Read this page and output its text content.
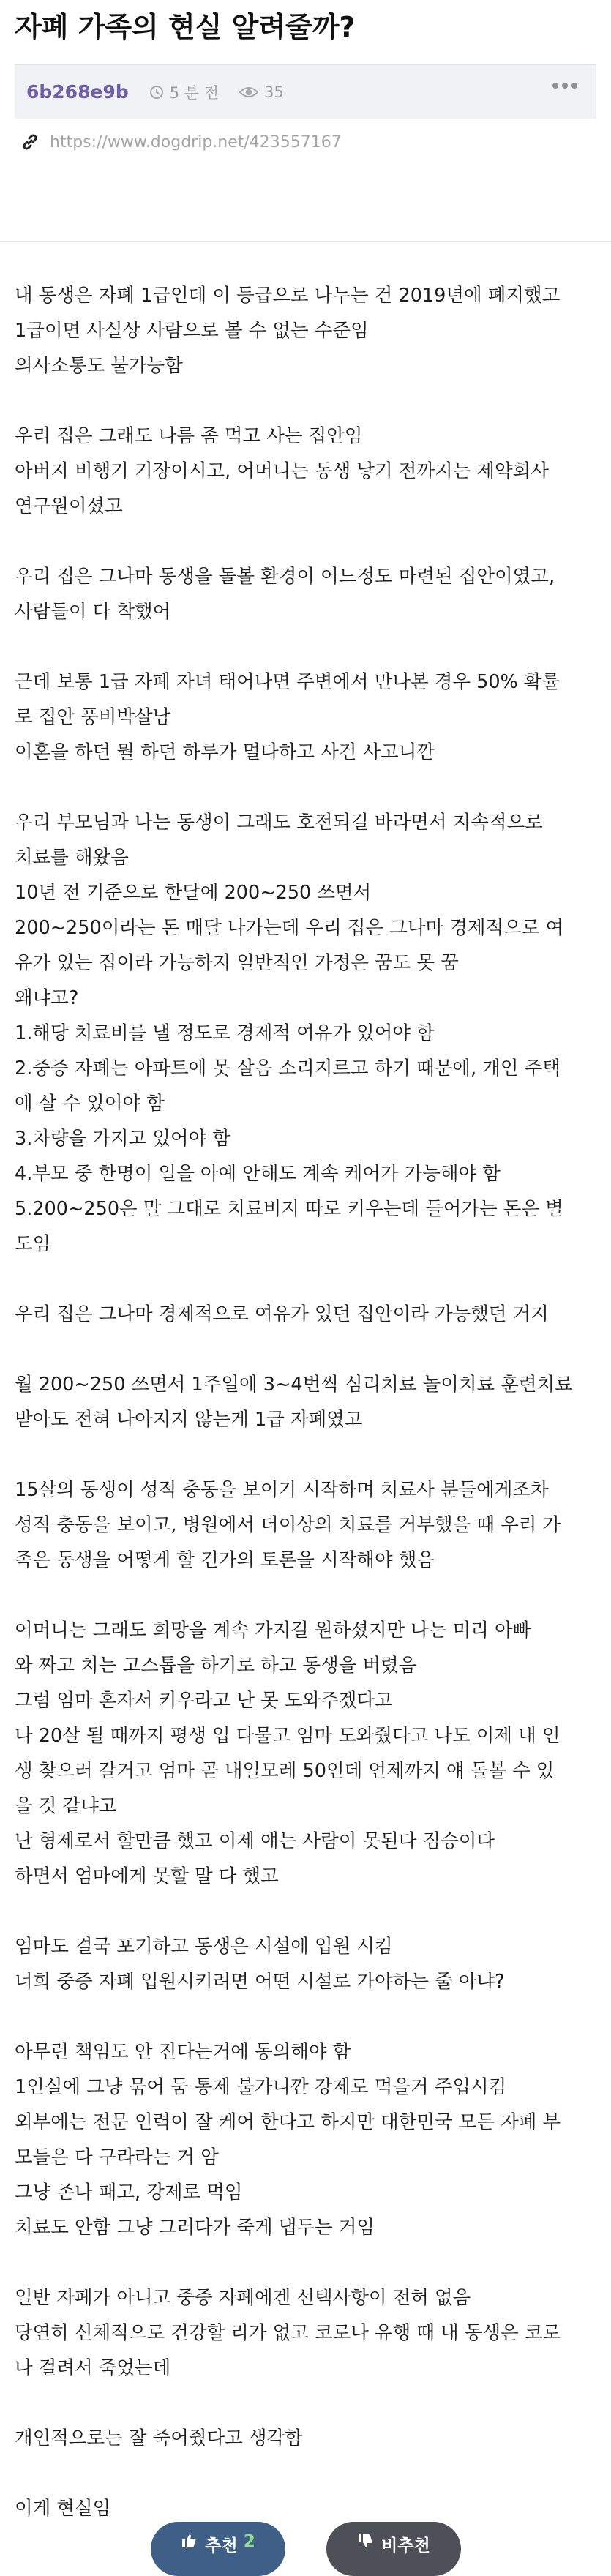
자폐 가족의 현실 알려줄까?
6b268e9b	5 분 전	35
https://www.dogdrip.net/423557167
내 동생은 자폐 1급인데 이 등급으로 나누는 건 2019년에 폐지했고
1급이면 사실상 사람으로 볼 수 없는 수준임
의사소통도 불가능함
우리 집은 그래도 나름 좀 먹고 사는 집안임
아버지 비행기 기장이시고, 어머니는 동생 낳기 전까지는 제약회사
연구원이셨고
우리 집은 그나마 동생을 돌볼 환경이 어느정도 마련된 집안이였고,
사람들이 다 착했어
근데 보통 1급 자폐 자녀 태어나면 주변에서 만나본 경우 50% 확률
로 집안 풍비박살남
이혼을 하던 뭘 하던 하루가 멀다하고 사건 사고니깐
우리 부모님과 나는 동생이 그래도 호전되길 바라면서 지속적으로
치료를 해왔음
10년 전 기준으로 한달에 200~250 쓰면서
200~250이라는 돈 매달 나가는데 우리 집은 그나마 경제적으로 여
유가 있는 집이라 가능하지 일반적인 가정은 꿈도 못 꿈
왜냐고?
1.해당 치료비를 낼 정도로 경제적 여유가 있어야 함
2.중증 자폐는 아파트에 못 살음 소리지르고 하기 때문에, 개인 주택
에 살 수 있어야 함
3.차량을 가지고 있어야 함
4.부모 중 한명이 일을 아예 안해도 계속 케어가 가능해야 함
5.200~250은 말 그대로 치료비지 따로 키우는데 들어가는 돈은 별
도임
우리 집은 그나마 경제적으로 여유가 있던 집안이라 가능했던 거지
월 200~250 쓰면서 1주일에 3~4번씩 심리치료 놀이치료 훈련치료
받아도 전혀 나아지지 않는게 1급 자폐였고
15살의 동생이 성적 충동을 보이기 시작하며 치료사 분들에게조차
성적 충동을 보이고, 병원에서 더이상의 치료를 거부했을 때 우리 가
족은 동생을 어떻게 할 건가의 토론을 시작해야 했음
어머니는 그래도 희망을 계속 가지길 원하셨지만 나는 미리 아빠
와 짜고 치는 고스톱을 하기로 하고 동생을 버렸음
그럼 엄마 혼자서 키우라고 난 못 도와주겠다고
나 20살 될 때까지 평생 입 다물고 엄마 도와줬다고 나도 이제 내 인
생 찾으러 갈거고 엄마 곧 내일모레 50인데 언제까지 얘 돌볼 수 있
을 것 같냐고
난 형제로서 할만큼 했고 이제 얘는 사람이 못된다 짐승이다
하면서 엄마에게 못할 말 다 했고
엄마도 결국 포기하고 동생은 시설에 입원 시킴
너희 중증 자폐 입원시키려면 어떤 시설로 가야하는 줄 아냐?
아무런 책임도 안 진다는거에 동의해야 함
1인실에 그냥 묶어 둠 통제 불가니깐 강제로 먹을거 주입시킴
외부에는 전문 인력이 잘 케어 한다고 하지만 대한민국 모든 자폐 부
모들은 다 구라라는 거 암
그냥 존나 패고, 강제로 먹임
치료도 안함 그냥 그러다가 죽게 냅두는 거임
일반 자폐가 아니고 중증 자폐에겐 선택사항이 전혀 없음
당연히 신체적으로 건강할 리가 없고 코로나 유행 때 내 동생은 코로
나 걸려서 죽었는데
개인적으로는 잘 죽어줬다고 생각함
이게 현실임
추천 2	비추천
